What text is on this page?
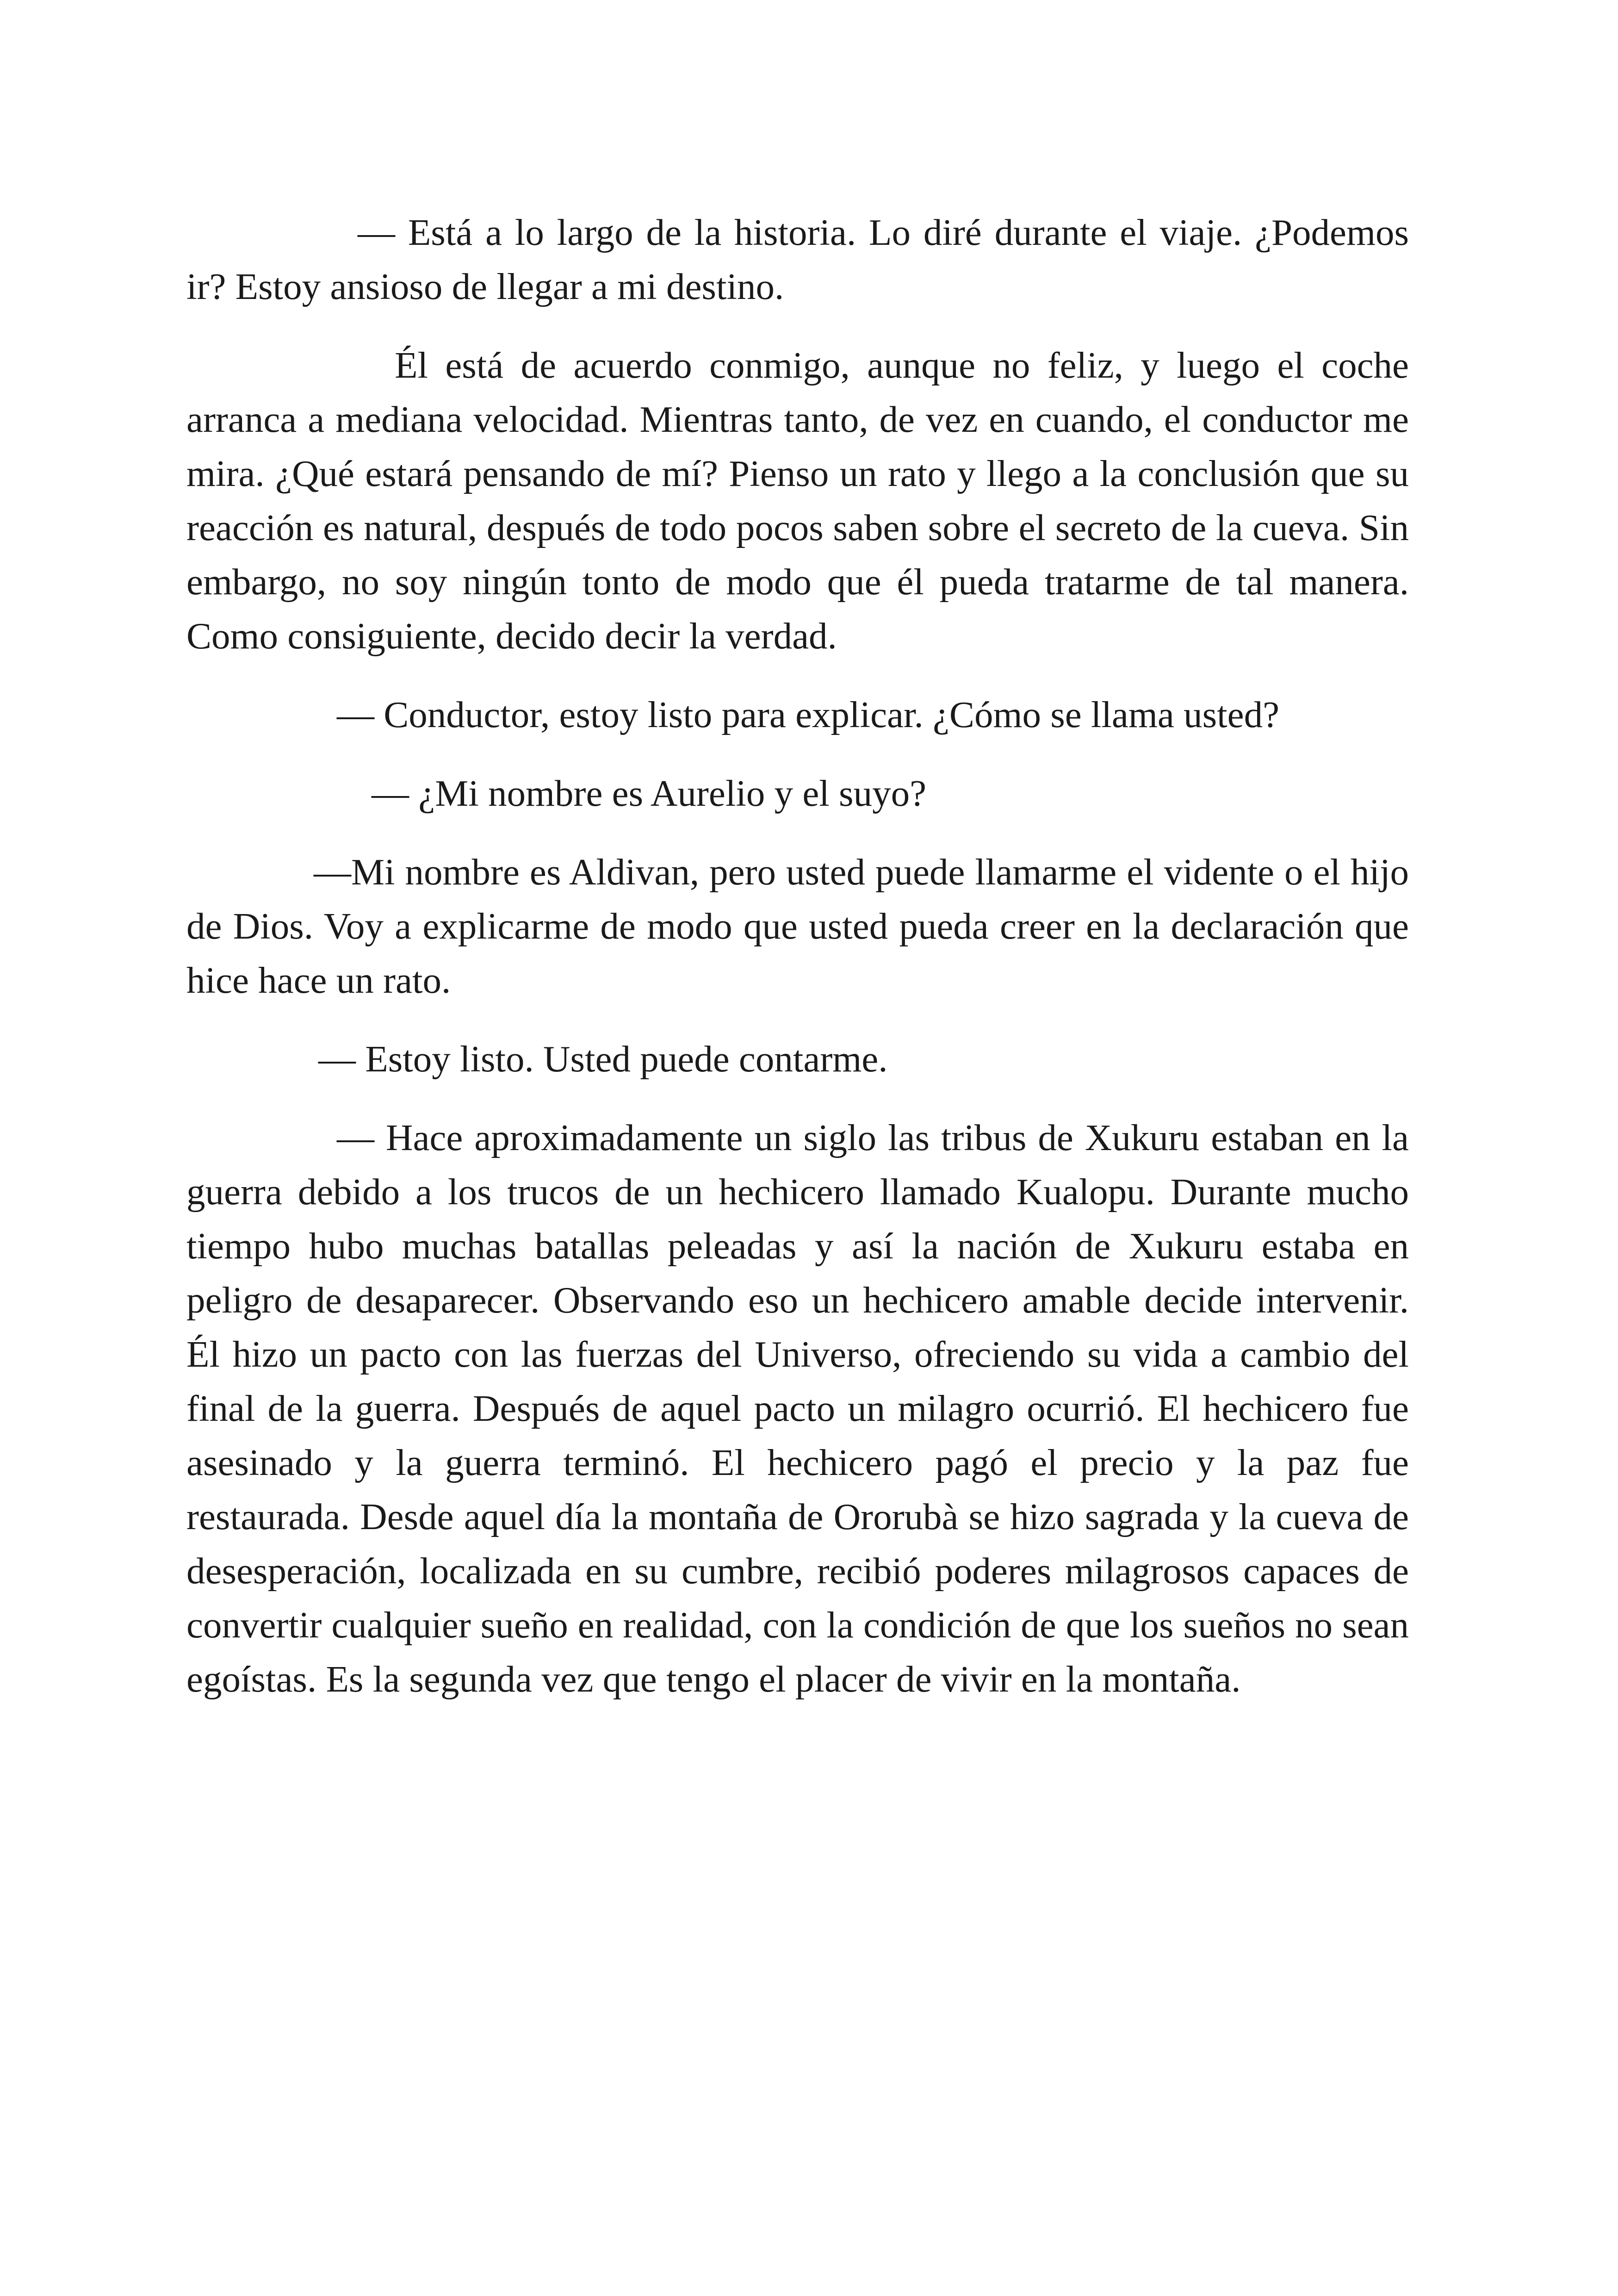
— Está a lo largo de la historia. Lo diré durante el viaje. ¿Podemos ir? Estoy ansioso de llegar a mi destino.

Él está de acuerdo conmigo, aunque no feliz, y luego el coche arranca a mediana velocidad. Mientras tanto, de vez en cuando, el conductor me mira. ¿Qué estará pensando de mí? Pienso un rato y llego a la conclusión que su reacción es natural, después de todo pocos saben sobre el secreto de la cueva. Sin embargo, no soy ningún tonto de modo que él pueda tratarme de tal manera. Como consiguiente, decido decir la verdad.

— Conductor, estoy listo para explicar. ¿Cómo se llama usted?

— ¿Mi nombre es Aurelio y el suyo?

—Mi nombre es Aldivan, pero usted puede llamarme el vidente o el hijo de Dios. Voy a explicarme de modo que usted pueda creer en la declaración que hice hace un rato.

— Estoy listo. Usted puede contarme.

— Hace aproximadamente un siglo las tribus de Xukuru estaban en la guerra debido a los trucos de un hechicero llamado Kualopu. Durante mucho tiempo hubo muchas batallas peleadas y así la nación de Xukuru estaba en peligro de desaparecer. Observando eso un hechicero amable decide intervenir. Él hizo un pacto con las fuerzas del Universo, ofreciendo su vida a cambio del final de la guerra. Después de aquel pacto un milagro ocurrió. El hechicero fue asesinado y la guerra terminó. El hechicero pagó el precio y la paz fue restaurada. Desde aquel día la montaña de Ororubà se hizo sagrada y la cueva de desesperación, localizada en su cumbre, recibió poderes milagrosos capaces de convertir cualquier sueño en realidad, con la condición de que los sueños no sean egoístas. Es la segunda vez que tengo el placer de vivir en la montaña.
